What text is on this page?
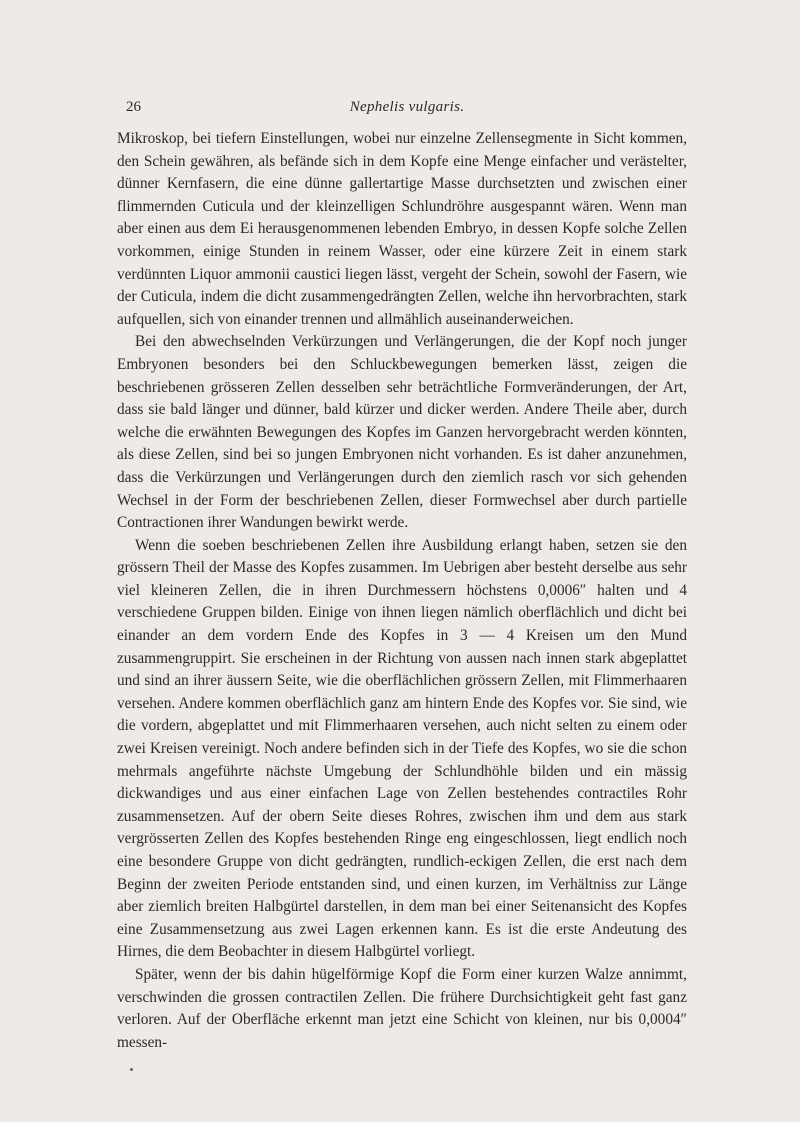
26	Nephelis vulgaris.

Mikroskop, bei tiefern Einstellungen, wobei nur einzelne Zellensegmente in Sicht kommen, den Schein gewähren, als befände sich in dem Kopfe eine Menge einfacher und verästelter, dünner Kernfasern, die eine dünne gallertartige Masse durchsetzten und zwischen einer flimmernden Cuticula und der kleinzelligen Schlundröhre ausgespannt wären. Wenn man aber einen aus dem Ei herausgenommenen lebenden Embryo, in dessen Kopfe solche Zellen vorkommen, einige Stunden in reinem Wasser, oder eine kürzere Zeit in einem stark verdünnten Liquor ammonii caustici liegen lässt, vergeht der Schein, sowohl der Fasern, wie der Cuticula, indem die dicht zusammengedrängten Zellen, welche ihn hervorbrachten, stark aufquellen, sich von einander trennen und allmählich auseinanderweichen.

Bei den abwechselnden Verkürzungen und Verlängerungen, die der Kopf noch junger Embryonen besonders bei den Schluckbewegungen bemerken lässt, zeigen die beschriebenen grösseren Zellen desselben sehr beträchtliche Formveränderungen, der Art, dass sie bald länger und dünner, bald kürzer und dicker werden. Andere Theile aber, durch welche die erwähnten Bewegungen des Kopfes im Ganzen hervorgebracht werden könnten, als diese Zellen, sind bei so jungen Embryonen nicht vorhanden. Es ist daher anzunehmen, dass die Verkürzungen und Verlängerungen durch den ziemlich rasch vor sich gehenden Wechsel in der Form der beschriebenen Zellen, dieser Formwechsel aber durch partielle Contractionen ihrer Wandungen bewirkt werde.

Wenn die soeben beschriebenen Zellen ihre Ausbildung erlangt haben, setzen sie den grössern Theil der Masse des Kopfes zusammen. Im Uebrigen aber besteht derselbe aus sehr viel kleineren Zellen, die in ihren Durchmessern höchstens 0,0006″ halten und 4 verschiedene Gruppen bilden. Einige von ihnen liegen nämlich oberflächlich und dicht bei einander an dem vordern Ende des Kopfes in 3 — 4 Kreisen um den Mund zusammengruppirt. Sie erscheinen in der Richtung von aussen nach innen stark abgeplattet und sind an ihrer äussern Seite, wie die oberflächlichen grössern Zellen, mit Flimmerhaaren versehen. Andere kommen oberflächlich ganz am hintern Ende des Kopfes vor. Sie sind, wie die vordern, abgeplattet und mit Flimmerhaaren versehen, auch nicht selten zu einem oder zwei Kreisen vereinigt. Noch andere befinden sich in der Tiefe des Kopfes, wo sie die schon mehrmals angeführte nächste Umgebung der Schlundhöhle bilden und ein mässig dickwandiges und aus einer einfachen Lage von Zellen bestehendes contractiles Rohr zusammensetzen. Auf der obern Seite dieses Rohres, zwischen ihm und dem aus stark vergrösserten Zellen des Kopfes bestehenden Ringe eng eingeschlossen, liegt endlich noch eine besondere Gruppe von dicht gedrängten, rundlich-eckigen Zellen, die erst nach dem Beginn der zweiten Periode entstanden sind, und einen kurzen, im Verhältniss zur Länge aber ziemlich breiten Halbgürtel darstellen, in dem man bei einer Seitenansicht des Kopfes eine Zusammensetzung aus zwei Lagen erkennen kann. Es ist die erste Andeutung des Hirnes, die dem Beobachter in diesem Halbgürtel vorliegt.

Später, wenn der bis dahin hügelförmige Kopf die Form einer kurzen Walze annimmt, verschwinden die grossen contractilen Zellen. Die frühere Durchsichtigkeit geht fast ganz verloren. Auf der Oberfläche erkennt man jetzt eine Schicht von kleinen, nur bis 0,0004″ messen-
